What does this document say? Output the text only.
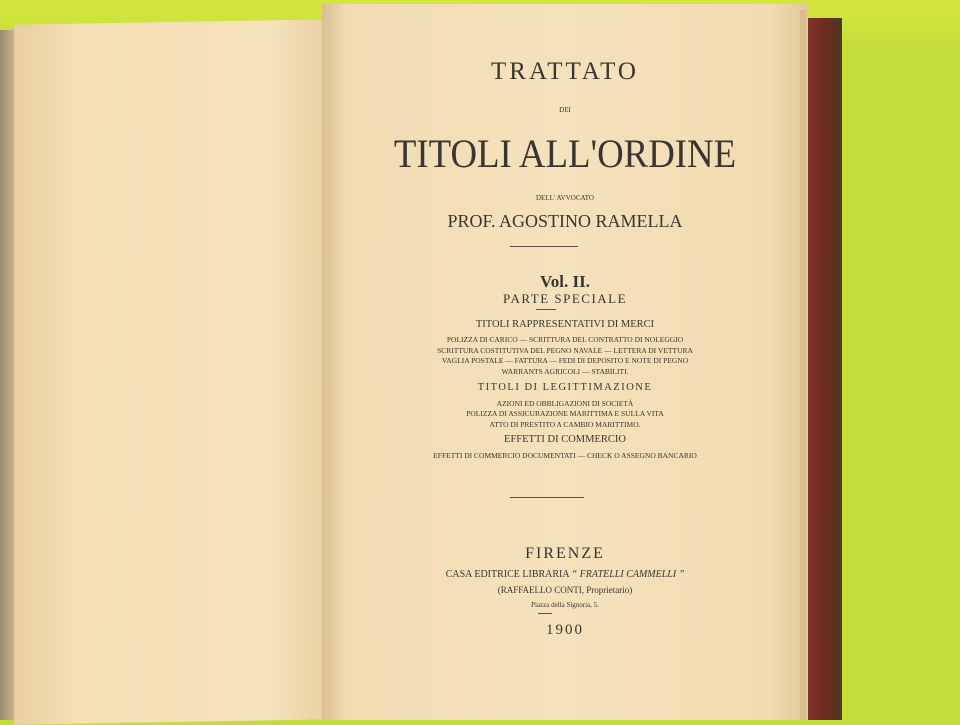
TRATTATO
DEI
TITOLI ALL'ORDINE
DELL' AVVOCATO
PROF. AGOSTINO RAMELLA
Vol. II.
PARTE SPECIALE
TITOLI RAPPRESENTATIVI DI MERCI
POLIZZA DI CARICO — SCRITTURA DEL CONTRATTO DI NOLEGGIO
SCRITTURA COSTITUTIVA DEL PEGNO NAVALE — LETTERA DI VETTURA
VAGLIA POSTALE — FATTURA — FEDI DI DEPOSITO E NOTE DI PEGNO
WARRANTS AGRICOLI — STABILITI.
TITOLI DI LEGITTIMAZIONE
AZIONI ED OBBLIGAZIONI DI SOCIETÀ
POLIZZA DI ASSICURAZIONE MARITTIMA E SULLA VITA
ATTO DI PRESTITO A CAMBIO MARITTIMO.
EFFETTI DI COMMERCIO
EFFETTI DI COMMERCIO DOCUMENTATI — CHECK O ASSEGNO BANCARIO
FIRENZE
CASA EDITRICE LIBRARIA “ FRATELLI CAMMELLI ”
(RAFFAELLO CONTI, Proprietario)
Piazza della Signoria, 5.
1900
